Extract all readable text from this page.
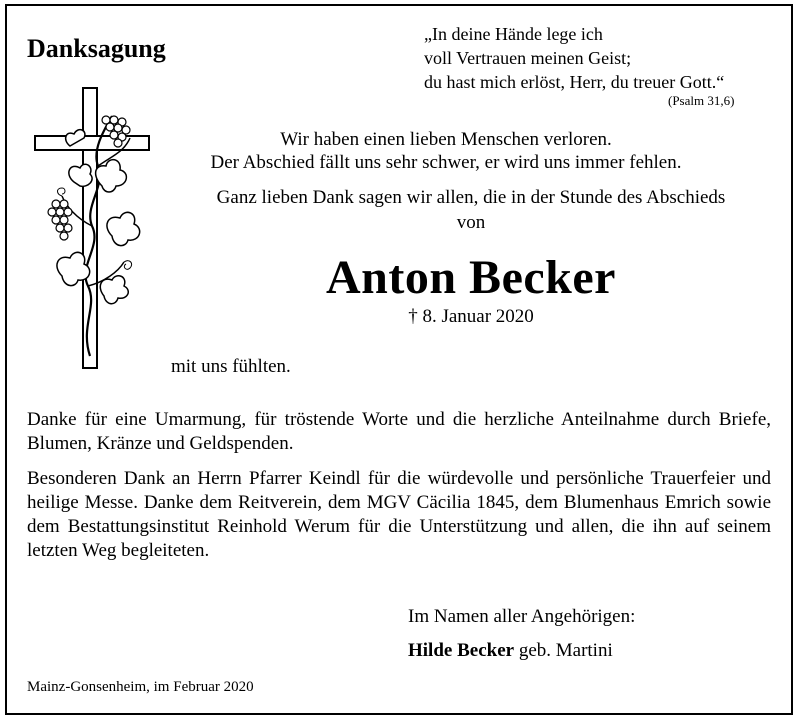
Danksagung	„In deine Hände lege ich
voll Vertrauen meinen Geist;
du hast mich erlöst, Herr, du treuer Gott.“
(Psalm 31,6)
Wir haben einen lieben Menschen verloren.
Der Abschied fällt uns sehr schwer, er wird uns immer fehlen.
Ganz lieben Dank sagen wir allen, die in der Stunde des Abschieds
von
Anton Becker
† 8. Januar 2020
mit uns fühlten.
Danke für eine Umarmung, für tröstende Worte und die herzliche Anteilnahme durch Briefe, Blumen, Kränze und Geldspenden.
Besonderen Dank an Herrn Pfarrer Keindl für die würdevolle und persönliche Trauerfeier und heilige Messe. Danke dem Reitverein, dem MGV Cäcilia 1845, dem Blumenhaus Emrich sowie dem Bestattungsinstitut Reinhold Werum für die Unterstützung und allen, die ihn auf seinem letzten Weg begleiteten.
Im Namen aller Angehörigen:
Hilde Becker geb. Martini
Mainz-Gonsenheim, im Februar 2020
